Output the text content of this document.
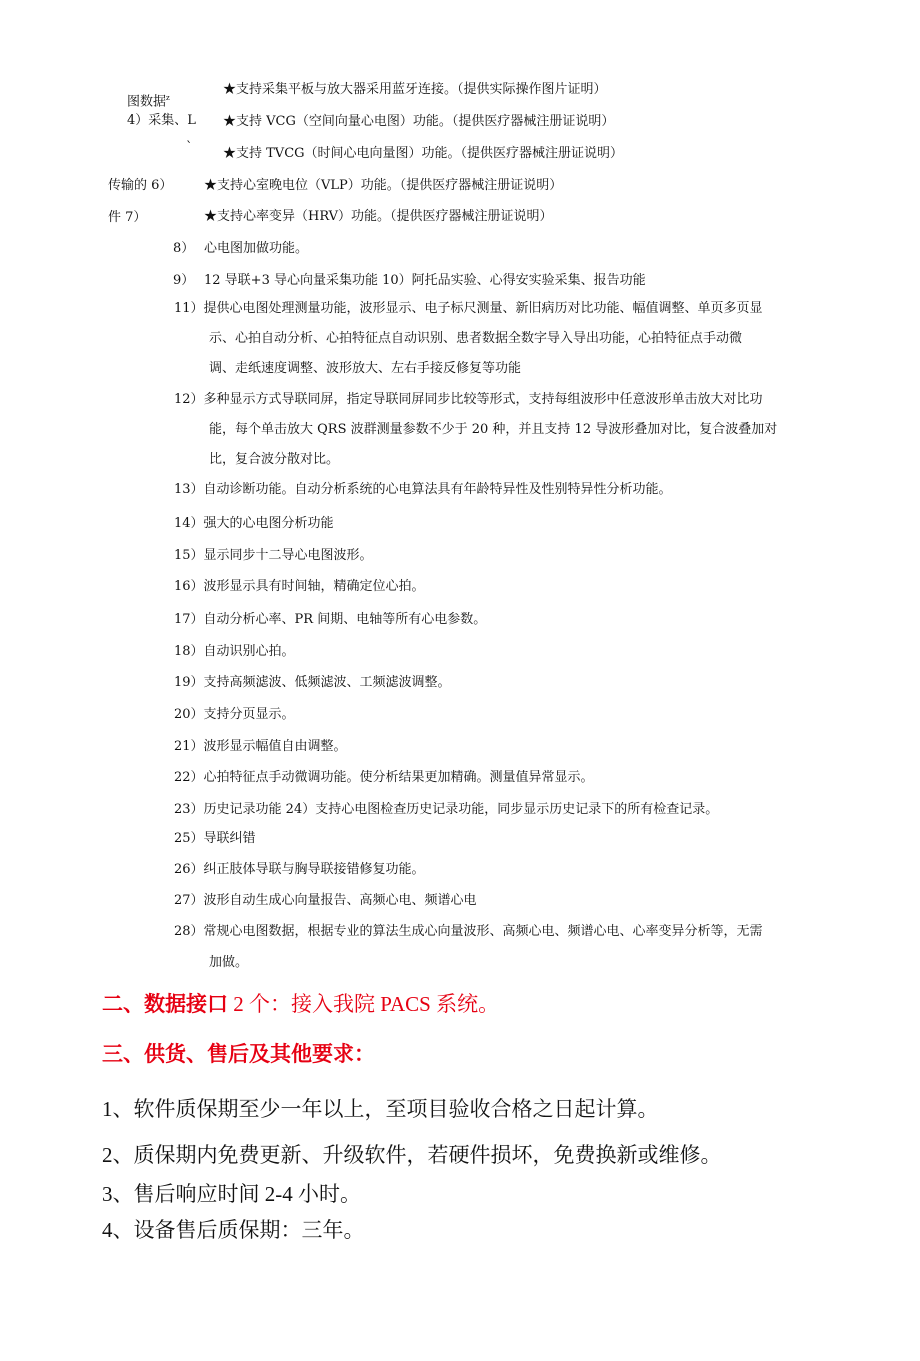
图数据$^z$
4）采集、L
`
传输的 6）
件 7）
★支持采集平板与放大器采用蓝牙连接。（提供实际操作图片证明）
★支持 VCG（空间向量心电图）功能。（提供医疗器械注册证说明）
★支持 TVCG（时间心电向量图）功能。（提供医疗器械注册证说明）
★支持心室晚电位（VLP）功能。（提供医疗器械注册证说明）
★支持心率变异（HRV）功能。（提供医疗器械注册证说明）
8） 心电图加做功能。
9） 12 导联+3 导心向量采集功能 10）阿托品实验、心得安实验采集、报告功能
11）提供心电图处理测量功能，波形显示、电子标尺测量、新旧病历对比功能、幅值调整、单页多页显
示、心拍自动分析、心拍特征点自动识别、患者数据全数字导入导出功能，心拍特征点手动微
调、走纸速度调整、波形放大、左右手接反修复等功能
12）多种显示方式导联同屏，指定导联同屏同步比较等形式，支持每组波形中任意波形单击放大对比功
能，每个单击放大 QRS 波群测量参数不少于 20 种，并且支持 12 导波形叠加对比，复合波叠加对
比，复合波分散对比。
13）自动诊断功能。自动分析系统的心电算法具有年龄特异性及性别特异性分析功能。
14）强大的心电图分析功能
15）显示同步十二导心电图波形。
16）波形显示具有时间轴，精确定位心拍。
17）自动分析心率、PR 间期、电轴等所有心电参数。
18）自动识别心拍。
19）支持高频滤波、低频滤波、工频滤波调整。
20）支持分页显示。
21）波形显示幅值自由调整。
22）心拍特征点手动微调功能。使分析结果更加精确。测量值异常显示。
23）历史记录功能 24）支持心电图检查历史记录功能，同步显示历史记录下的所有检查记录。
25）导联纠错
26）纠正肢体导联与胸导联接错修复功能。
27）波形自动生成心向量报告、高频心电、频谱心电
28）常规心电图数据，根据专业的算法生成心向量波形、高频心电、频谱心电、心率变异分析等，无需
加做。
二、数据接口 2 个：接入我院 PACS 系统。
三、供货、售后及其他要求：
1、软件质保期至少一年以上，至项目验收合格之日起计算。
2、质保期内免费更新、升级软件，若硬件损坏，免费换新或维修。
3、售后响应时间 2-4 小时。
4、设备售后质保期：三年。
